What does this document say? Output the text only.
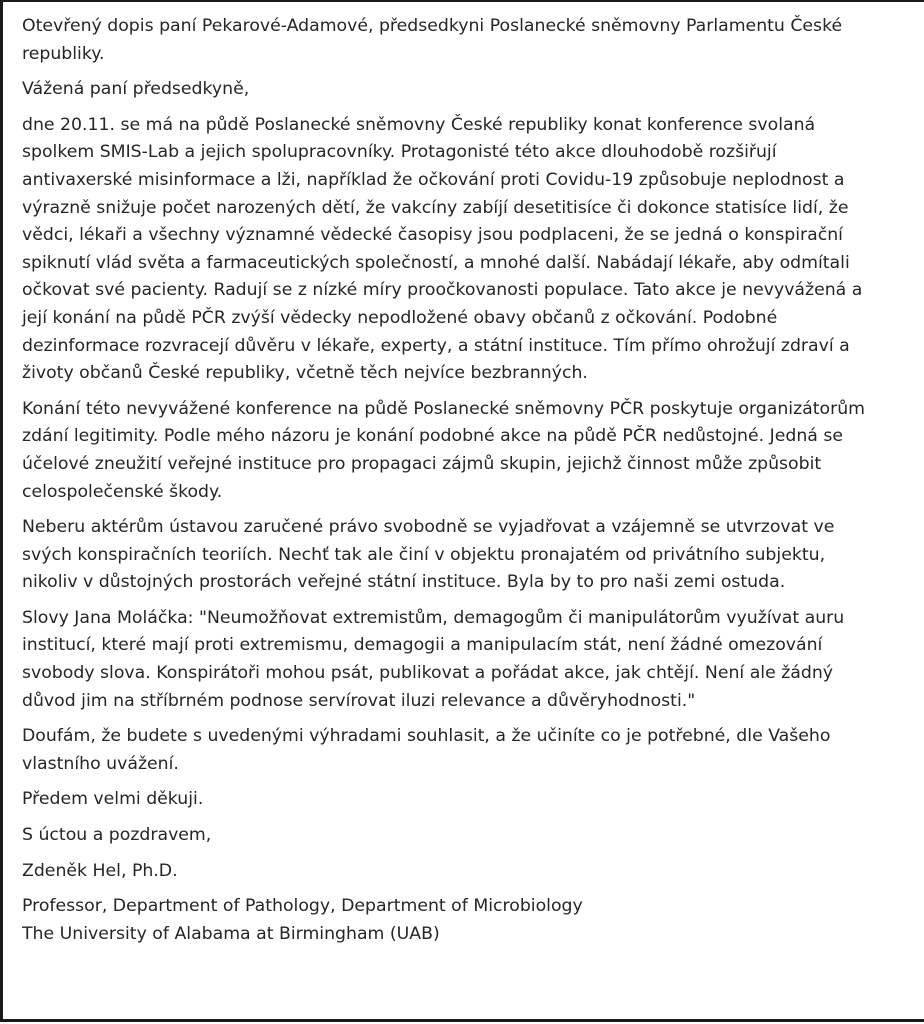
Otevřený dopis paní Pekarové-Adamové, předsedkyni Poslanecké sněmovny Parlamentu České
republiky.

Vážená paní předsedkyně,

dne 20.11. se má na půdě Poslanecké sněmovny České republiky konat konference svolaná
spolkem SMIS-Lab a jejich spolupracovníky. Protagonisté této akce dlouhodobě rozšiřují
antivaxerské misinformace a lži, například že očkování proti Covidu-19 způsobuje neplodnost a
výrazně snižuje počet narozených dětí, že vakcíny zabíjí desetitisíce či dokonce statisíce lidí, že
vědci, lékaři a všechny významné vědecké časopisy jsou podplaceni, že se jedná o konspirační
spiknutí vlád světa a farmaceutických společností, a mnohé další. Nabádají lékaře, aby odmítali
očkovat své pacienty. Radují se z nízké míry proočkovanosti populace. Tato akce je nevyvážená a
její konání na půdě PČR zvýší vědecky nepodložené obavy občanů z očkování. Podobné
dezinformace rozvracejí důvěru v lékaře, experty, a státní instituce. Tím přímo ohrožují zdraví a
životy občanů České republiky, včetně těch nejvíce bezbranných.

Konání této nevyvážené konference na půdě Poslanecké sněmovny PČR poskytuje organizátorům
zdání legitimity. Podle mého názoru je konání podobné akce na půdě PČR nedůstojné. Jedná se
účelové zneužití veřejné instituce pro propagaci zájmů skupin, jejichž činnost může způsobit
celospolečenské škody.

Neberu aktérům ústavou zaručené právo svobodně se vyjadřovat a vzájemně se utvrzovat ve
svých konspiračních teoriích. Nechť tak ale činí v objektu pronajatém od privátního subjektu,
nikoliv v důstojných prostorách veřejné státní instituce. Byla by to pro naši zemi ostuda.

Slovy Jana Moláčka: "Neumožňovat extremistům, demagogům či manipulátorům využívat auru
institucí, které mají proti extremismu, demagogii a manipulacím stát, není žádné omezování
svobody slova. Konspirátoři mohou psát, publikovat a pořádat akce, jak chtějí. Není ale žádný
důvod jim na stříbrném podnose servírovat iluzi relevance a důvěryhodnosti."

Doufám, že budete s uvedenými výhradami souhlasit, a že učiníte co je potřebné, dle Vašeho
vlastního uvážení.

Předem velmi děkuji.

S úctou a pozdravem,

Zdeněk Hel, Ph.D.

Professor, Department of Pathology, Department of Microbiology
The University of Alabama at Birmingham (UAB)
